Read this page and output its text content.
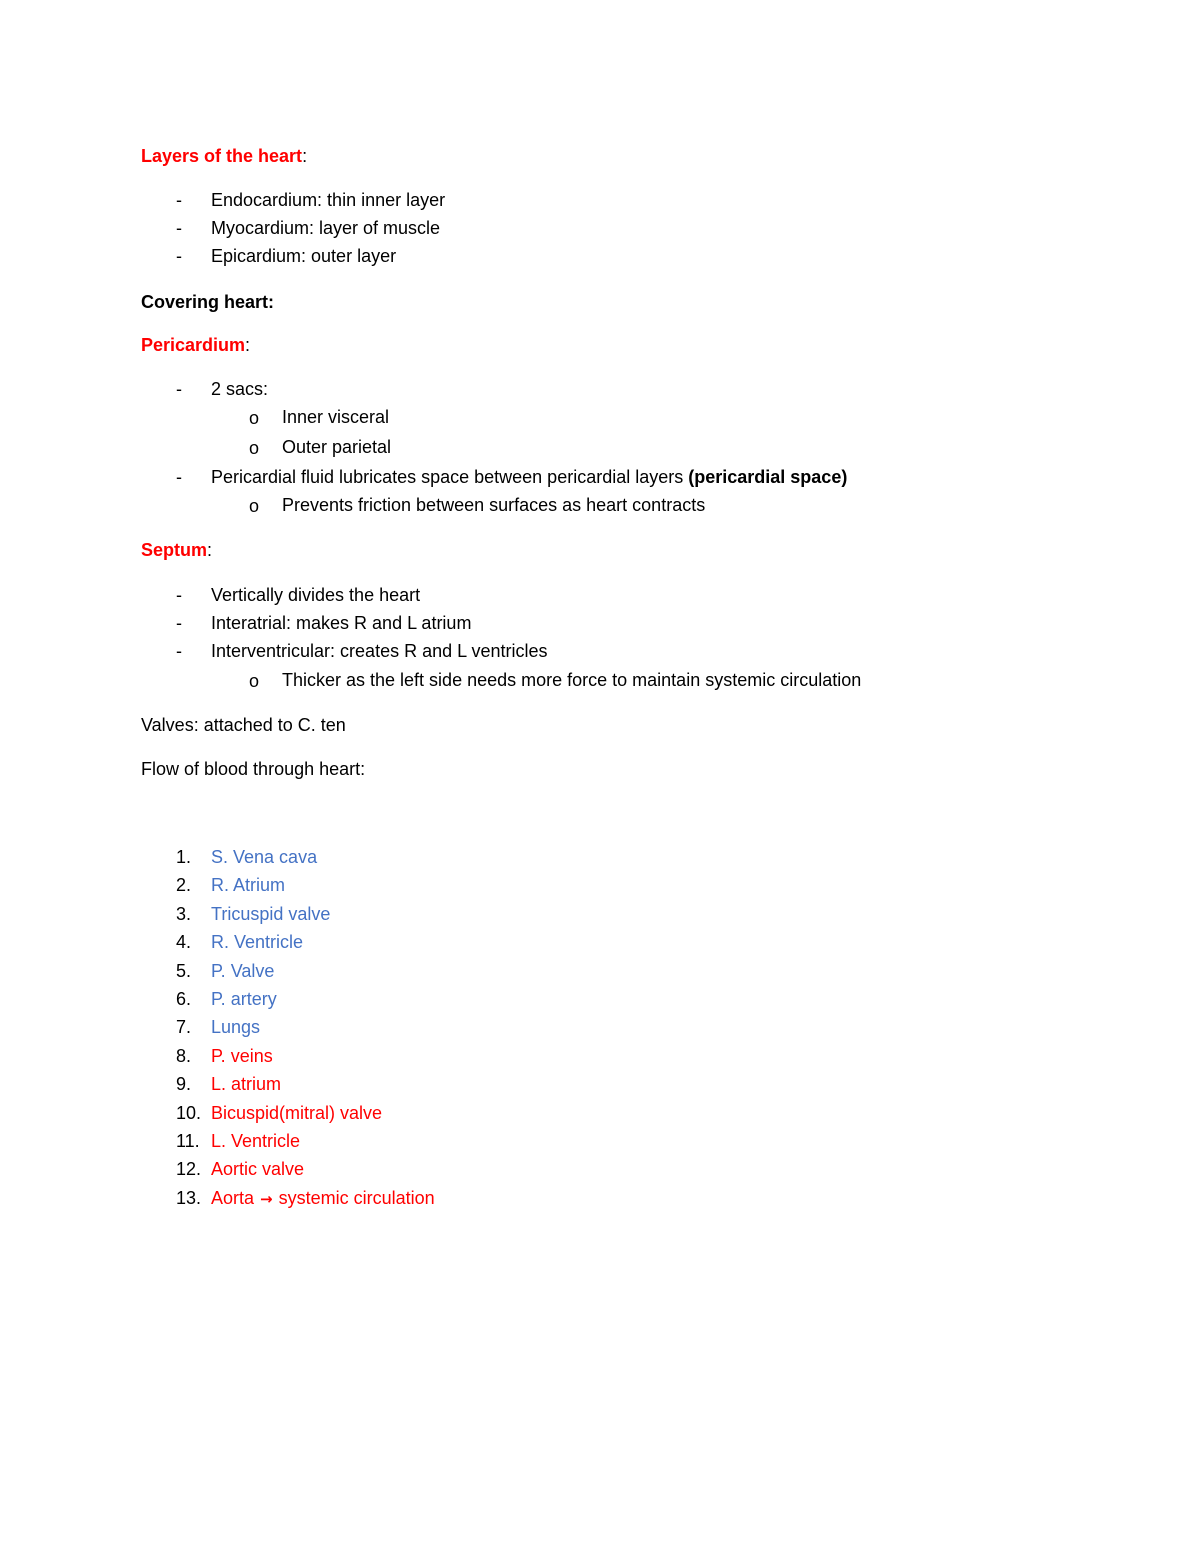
Layers of the heart:
- Endocardium: thin inner layer
- Myocardium: layer of muscle
- Epicardium: outer layer
Covering heart:
Pericardium:
- 2 sacs:
o Inner visceral
o Outer parietal
- Pericardial fluid lubricates space between pericardial layers (pericardial space)
o Prevents friction between surfaces as heart contracts
Septum:
- Vertically divides the heart
- Interatrial: makes R and L atrium
- Interventricular: creates R and L ventricles
o Thicker as the left side needs more force to maintain systemic circulation
Valves: attached to C. ten
Flow of blood through heart:
1. S. Vena cava
2. R. Atrium
3. Tricuspid valve
4. R. Ventricle
5. P. Valve
6. P. artery
7. Lungs
8. P. veins
9. L. atrium
10. Bicuspid(mitral) valve
11. L. Ventricle
12. Aortic valve
13. Aorta → systemic circulation
